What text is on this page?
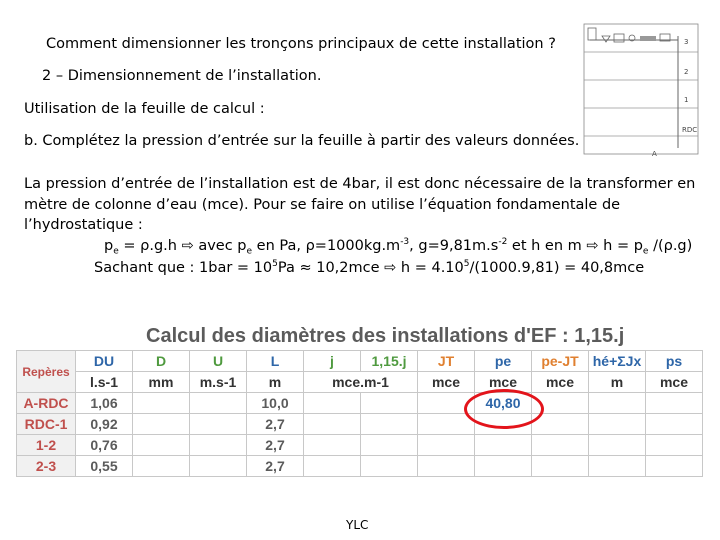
Comment dimensionner les tronçons principaux de cette installation ?
2 – Dimensionnement de l’installation.
Utilisation de la feuille de calcul :
b. Complétez la pression d’entrée sur la feuille à partir des valeurs données.
La pression d’entrée de l’installation est de 4bar, il est donc nécessaire de la transformer en mètre de colonne d’eau (mce). Pour se faire on utilise l’équation fondamentale de l’hydrostatique :
$p_e = \rho.g.h$ ⇨ avec $p_e$ en Pa, $\rho=1000kg.m^{-3}$, $g=9,81m.s^{-2}$ et h en m ⇨ $h = p_e$ /(ρ.g)
Sachant que : $1bar = 10^5Pa \approx 10,2mce$ ⇨ $h = 4.10^5/(1000.9,81) = 40,8mce$
3
2
1
RDC
A
Calcul des diamètres des installations d'EF : 1,15.j
Repères	DU	D	U	L	j	1,15.j	JT	pe	pe-JT	hé+ΣJx	ps
	l.s-1	mm	m.s-1	m	mce.m-1		mce	mce	mce	m	mce
A-RDC	1,06			10,0				40,80			
RDC-1	0,92			2,7							
1-2	0,76			2,7							
2-3	0,55			2,7							
YLC
